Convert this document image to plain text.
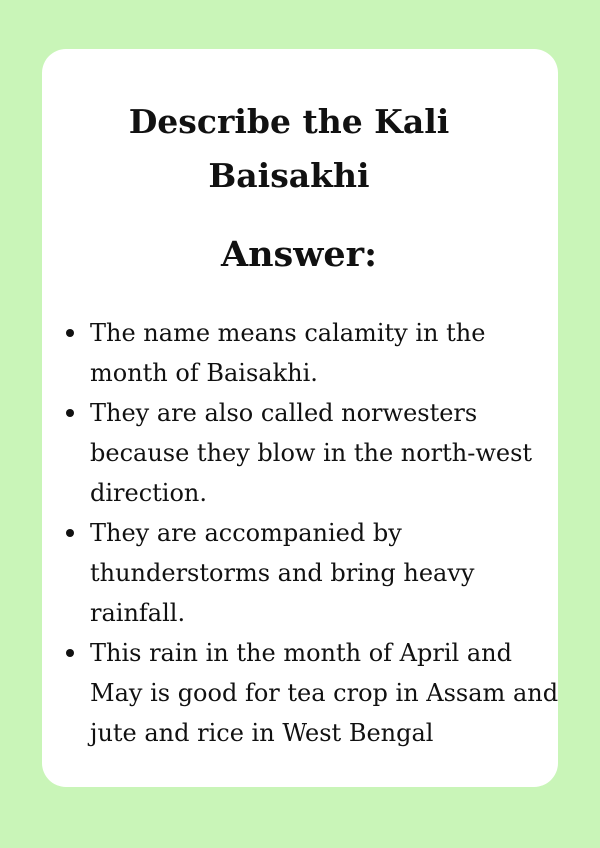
Describe the Kali
Baisakhi
Answer:
The name means calamity in the month of Baisakhi.
They are also called norwesters because they blow in the north-west direction.
They are accompanied by thunderstorms and bring heavy rainfall.
This rain in the month of April and May is good for tea crop in Assam and jute and rice in West Bengal
